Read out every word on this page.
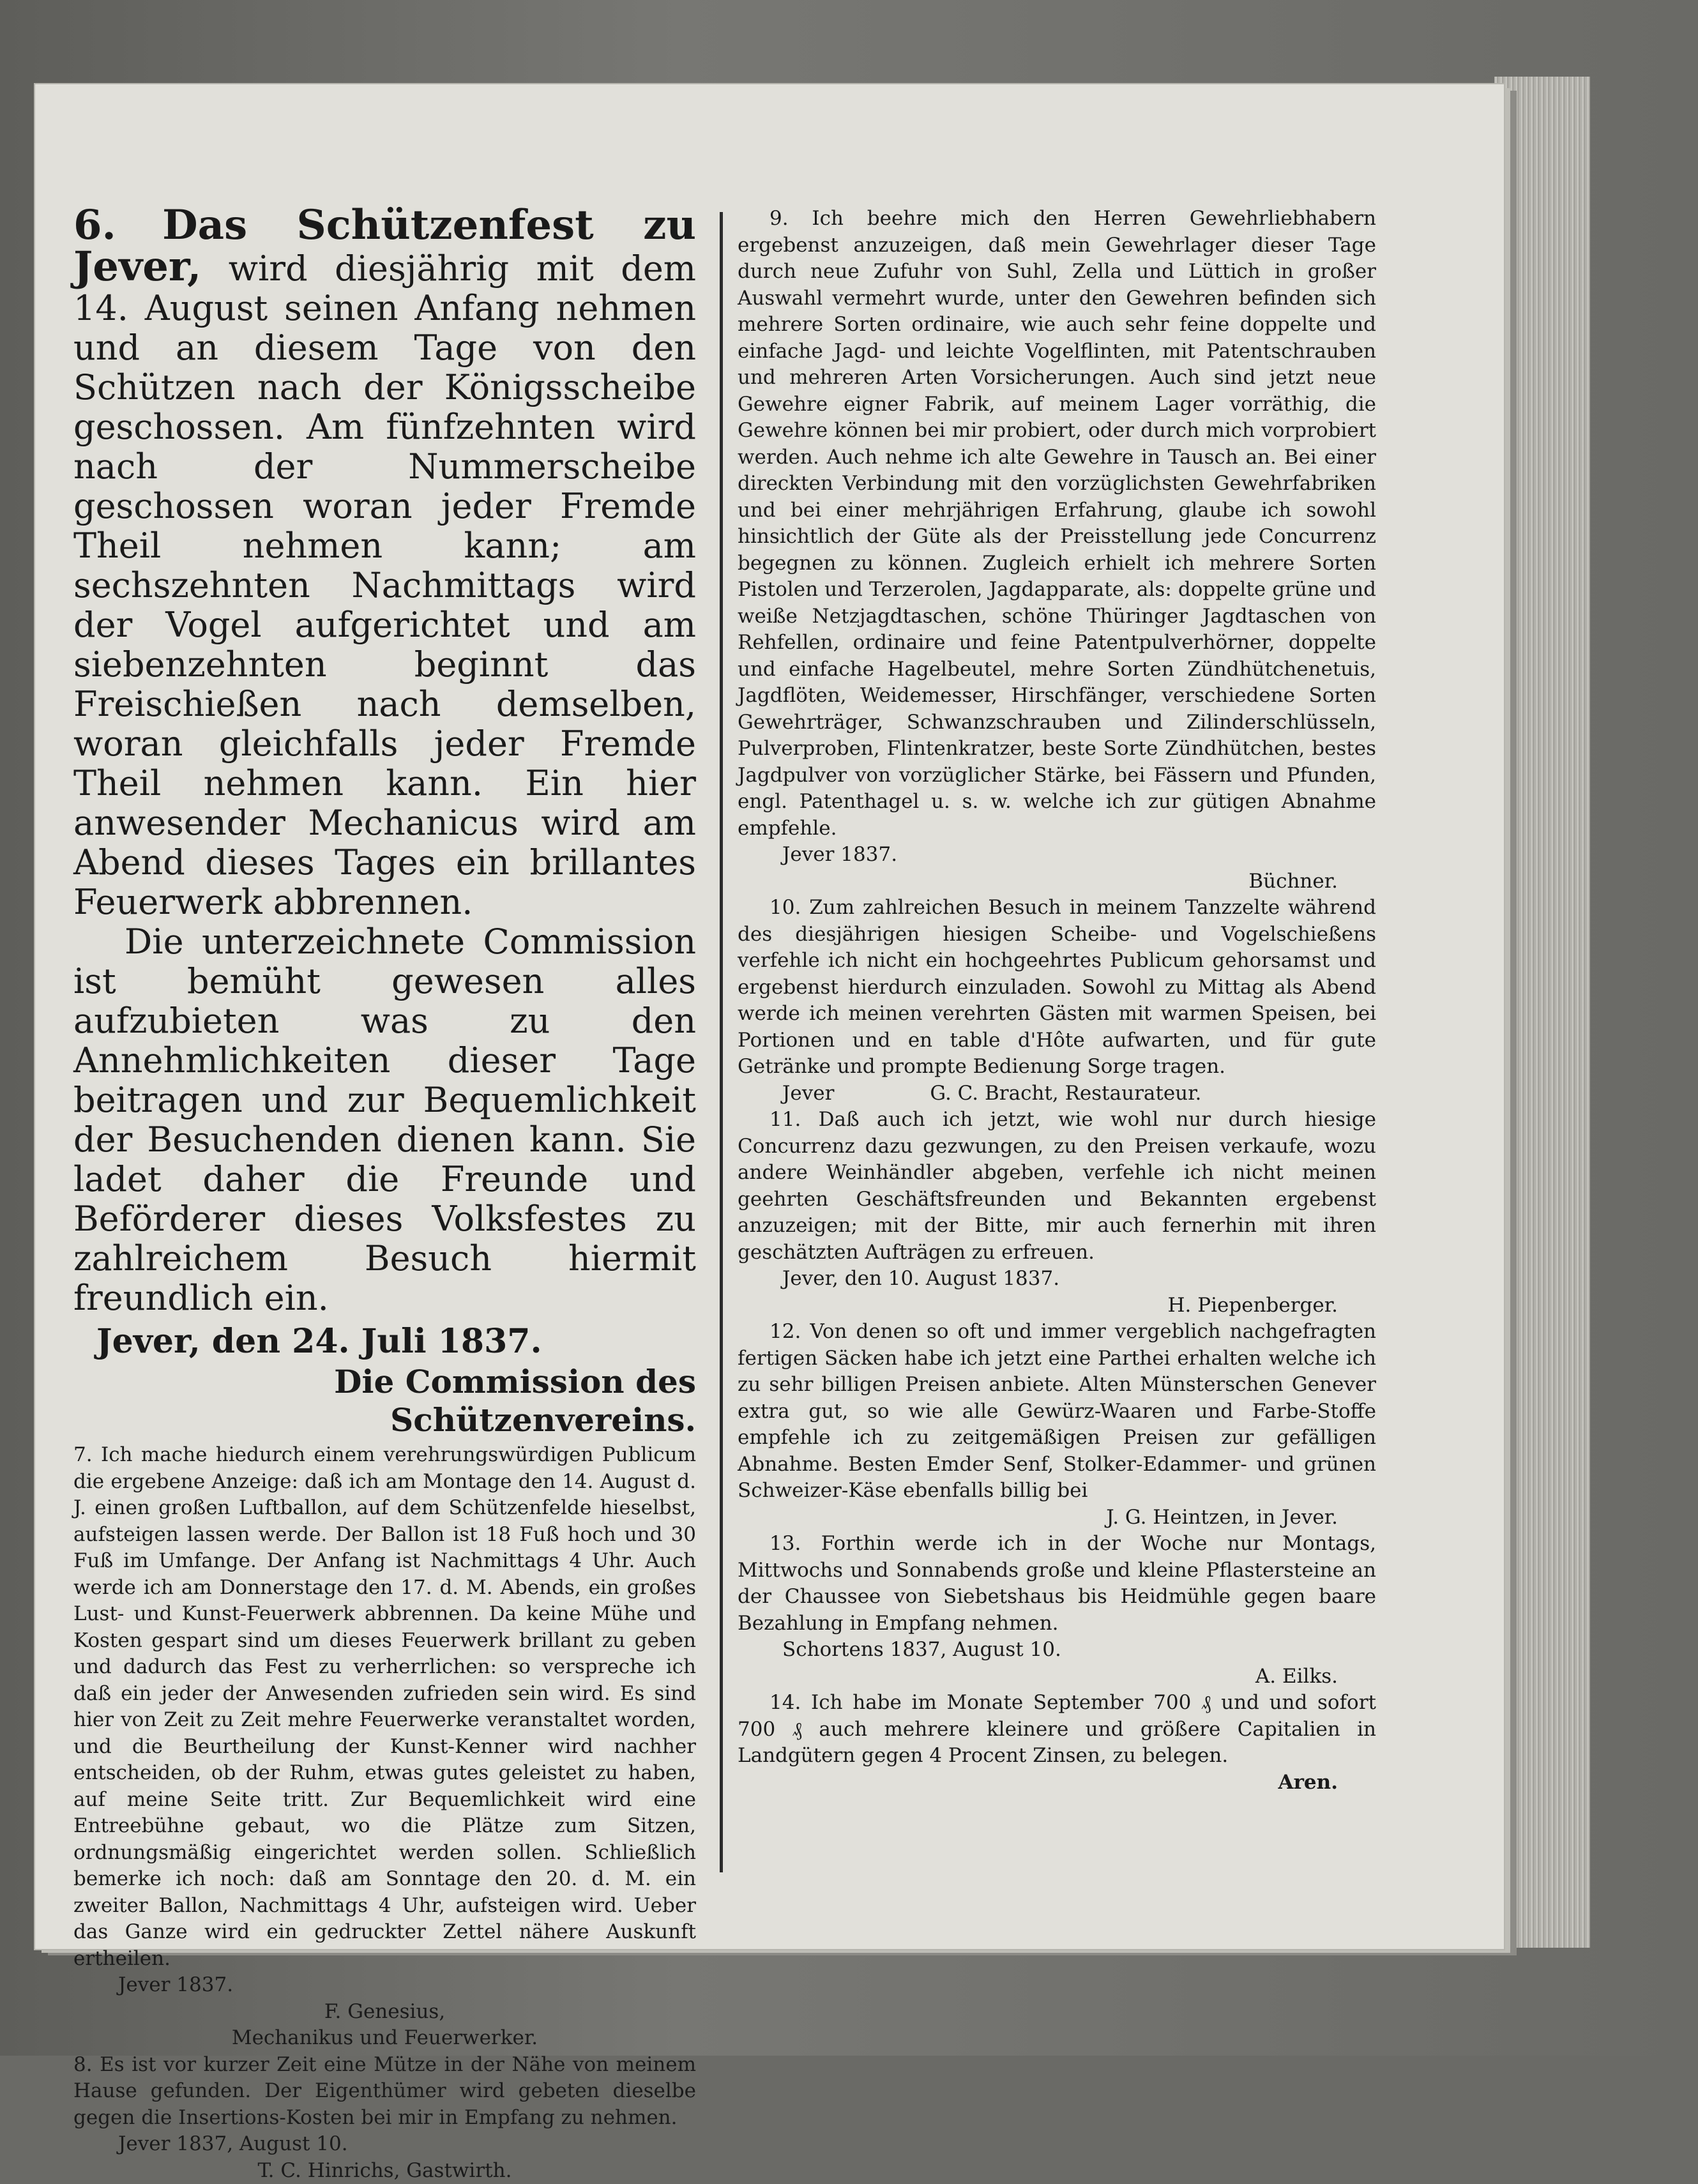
6. Das Schützenfest zu Jever, wird diesjährig mit dem 14. August seinen Anfang nehmen und an diesem Tage von den Schützen nach der Königsscheibe geschossen. Am fünfzehnten wird nach der Nummerscheibe geschossen woran jeder Fremde Theil nehmen kann; am sechszehnten Nachmittags wird der Vogel aufgerichtet und am siebenzehnten beginnt das Freischießen nach demselben, woran gleichfalls jeder Fremde Theil nehmen kann. Ein hier anwesender Mechanicus wird am Abend dieses Tages ein brillantes Feuerwerk abbrennen.

Die unterzeichnete Commission ist bemüht gewesen alles aufzubieten was zu den Annehmlichkeiten dieser Tage beitragen und zur Bequemlichkeit der Besuchenden dienen kann. Sie ladet daher die Freunde und Beförderer dieses Volksfestes zu zahlreichem Besuch hiermit freundlich ein.

Jever, den 24. Juli 1837.

Die Commission des Schützenvereins.

7. Ich mache hiedurch einem verehrungswürdigen Publicum die ergebene Anzeige: daß ich am Montage den 14. August d. J. einen großen Luftballon, auf dem Schützenfelde hieselbst, aufsteigen lassen werde. Der Ballon ist 18 Fuß hoch und 30 Fuß im Umfange. Der Anfang ist Nachmittags 4 Uhr. Auch werde ich am Donnerstage den 17. d. M. Abends, ein großes Lust- und Kunst-Feuerwerk abbrennen. Da keine Mühe und Kosten gespart sind um dieses Feuerwerk brillant zu geben und dadurch das Fest zu verherrlichen: so verspreche ich daß ein jeder der Anwesenden zufrieden sein wird. Es sind hier von Zeit zu Zeit mehre Feuerwerke veranstaltet worden, und die Beurtheilung der Kunst-Kenner wird nachher entscheiden, ob der Ruhm, etwas gutes geleistet zu haben, auf meine Seite tritt. Zur Bequemlichkeit wird eine Entreebühne gebaut, wo die Plätze zum Sitzen, ordnungsmäßig eingerichtet werden sollen. Schließlich bemerke ich noch: daß am Sonntage den 20. d. M. ein zweiter Ballon, Nachmittags 4 Uhr, aufsteigen wird. Ueber das Ganze wird ein gedruckter Zettel nähere Auskunft ertheilen.

Jever 1837.

F. Genesius,

Mechanikus und Feuerwerker.

8. Es ist vor kurzer Zeit eine Mütze in der Nähe von meinem Hause gefunden. Der Eigenthümer wird gebeten dieselbe gegen die Insertions-Kosten bei mir in Empfang zu nehmen.

Jever 1837, August 10.

T. C. Hinrichs, Gastwirth.

9. Ich beehre mich den Herren Gewehrliebhabern ergebenst anzuzeigen, daß mein Gewehrlager dieser Tage durch neue Zufuhr von Suhl, Zella und Lüttich in großer Auswahl vermehrt wurde, unter den Gewehren befinden sich mehrere Sorten ordinaire, wie auch sehr feine doppelte und einfache Jagd- und leichte Vogelflinten, mit Patentschrauben und mehreren Arten Vorsicherungen. Auch sind jetzt neue Gewehre eigner Fabrik, auf meinem Lager vorräthig, die Gewehre können bei mir probiert, oder durch mich vorprobiert werden. Auch nehme ich alte Gewehre in Tausch an. Bei einer direckten Verbindung mit den vorzüglichsten Gewehrfabriken und bei einer mehrjährigen Erfahrung, glaube ich sowohl hinsichtlich der Güte als der Preisstellung jede Concurrenz begegnen zu können. Zugleich erhielt ich mehrere Sorten Pistolen und Terzerolen, Jagdapparate, als: doppelte grüne und weiße Netzjagdtaschen, schöne Thüringer Jagdtaschen von Rehfellen, ordinaire und feine Patentpulverhörner, doppelte und einfache Hagelbeutel, mehre Sorten Zündhütchenetuis, Jagdflöten, Weidemesser, Hirschfänger, verschiedene Sorten Gewehrträger, Schwanzschrauben und Zilinderschlüsseln, Pulverproben, Flintenkratzer, beste Sorte Zündhütchen, bestes Jagdpulver von vorzüglicher Stärke, bei Fässern und Pfunden, engl. Patenthagel u. s. w. welche ich zur gütigen Abnahme empfehle.

Jever 1837.

Büchner.

10. Zum zahlreichen Besuch in meinem Tanzzelte während des diesjährigen hiesigen Scheibe- und Vogelschießens verfehle ich nicht ein hochgeehrtes Publicum gehorsamst und ergebenst hierdurch einzuladen. Sowohl zu Mittag als Abend werde ich meinen verehrten Gästen mit warmen Speisen, bei Portionen und en table d'Hôte aufwarten, und für gute Getränke und prompte Bedienung Sorge tragen.

Jever	G. C. Bracht, Restaurateur.

11. Daß auch ich jetzt, wie wohl nur durch hiesige Concurrenz dazu gezwungen, zu den Preisen verkaufe, wozu andere Weinhändler abgeben, verfehle ich nicht meinen geehrten Geschäftsfreunden und Bekannten ergebenst anzuzeigen; mit der Bitte, mir auch fernerhin mit ihren geschätzten Aufträgen zu erfreuen.

Jever, den 10. August 1837.

H. Piepenberger.

12. Von denen so oft und immer vergeblich nachgefragten fertigen Säcken habe ich jetzt eine Parthei erhalten welche ich zu sehr billigen Preisen anbiete. Alten Münsterschen Genever extra gut, so wie alle Gewürz-Waaren und Farbe-Stoffe empfehle ich zu zeitgemäßigen Preisen zur gefälligen Abnahme. Besten Emder Senf, Stolker-Edammer- und grünen Schweizer-Käse ebenfalls billig bei

J. G. Heintzen, in Jever.

13. Forthin werde ich in der Woche nur Montags, Mittwochs und Sonnabends große und kleine Pflastersteine an der Chaussee von Siebetshaus bis Heidmühle gegen baare Bezahlung in Empfang nehmen.

Schortens 1837, August 10.

A. Eilks.

14. Ich habe im Monate September 700 ₰ und und sofort 700 ₰ auch mehrere kleinere und größere Capitalien in Landgütern gegen 4 Procent Zinsen, zu belegen.

Aren.
